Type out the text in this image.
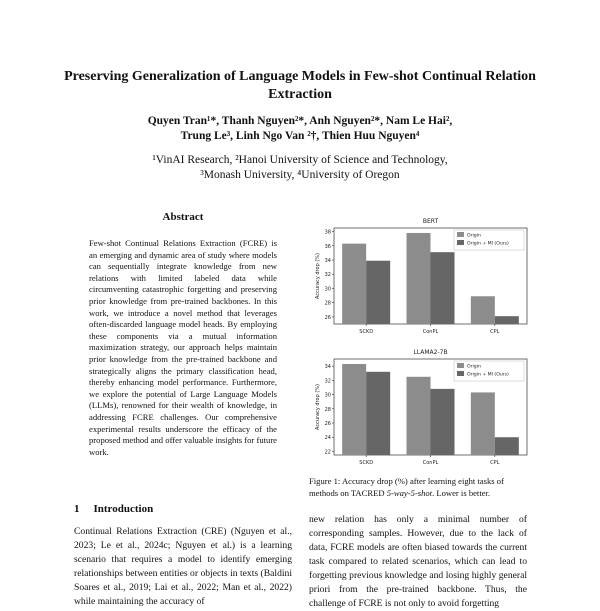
Preserving Generalization of Language Models in Few-shot Continual Relation Extraction
Quyen Tran¹*, Thanh Nguyen²*, Anh Nguyen²*, Nam Le Hai²,
Trung Le³, Linh Ngo Van ²†, Thien Huu Nguyen⁴
¹VinAI Research, ²Hanoi University of Science and Technology,
³Monash University, ⁴University of Oregon
Abstract
Few-shot Continual Relations Extraction (FCRE) is an emerging and dynamic area of study where models can sequentially integrate knowledge from new relations with limited labeled data while circumventing catastrophic forgetting and preserving prior knowledge from pre-trained backbones. In this work, we introduce a novel method that leverages often-discarded language model heads. By employing these components via a mutual information maximization strategy, our approach helps maintain prior knowledge from the pre-trained backbone and strategically aligns the primary classification head, thereby enhancing model performance. Furthermore, we explore the potential of Large Language Models (LLMs), renowned for their wealth of knowledge, in addressing FCRE challenges. Our comprehensive experimental results underscore the efficacy of the proposed method and offer valuable insights for future work.
1 Introduction
Continual Relations Extraction (CRE) (Nguyen et al., 2023; Le et al., 2024c; Nguyen et al.) is a learning scenario that requires a model to identify emerging relationships between entities or objects in texts (Baldini Soares et al., 2019; Lai et al., 2022; Man et al., 2022) while maintaining the accuracy of
new relation has only a minimal number of corresponding samples. However, due to the lack of data, FCRE models are often biased towards the current task compared to related scenarios, which can lead to forgetting previous knowledge and losing highly general priori from the pre-trained backbone. Thus, the challenge of FCRE is not only to avoid forgetting
BERT
26
28
30
32
34
36
38
Accuracy drop (%)
SCKD	ConPL	CPL
Origin
Origin + MI (Ours)
LLAMA2-7B
22
24
26
28
30
32
34
Accuracy drop (%)
SCKD	ConPL	CPL
Origin
Origin + MI (Ours)
Figure 1: Accuracy drop (%) after learning eight tasks of methods on TACRED 5-way-5-shot. Lower is better.
